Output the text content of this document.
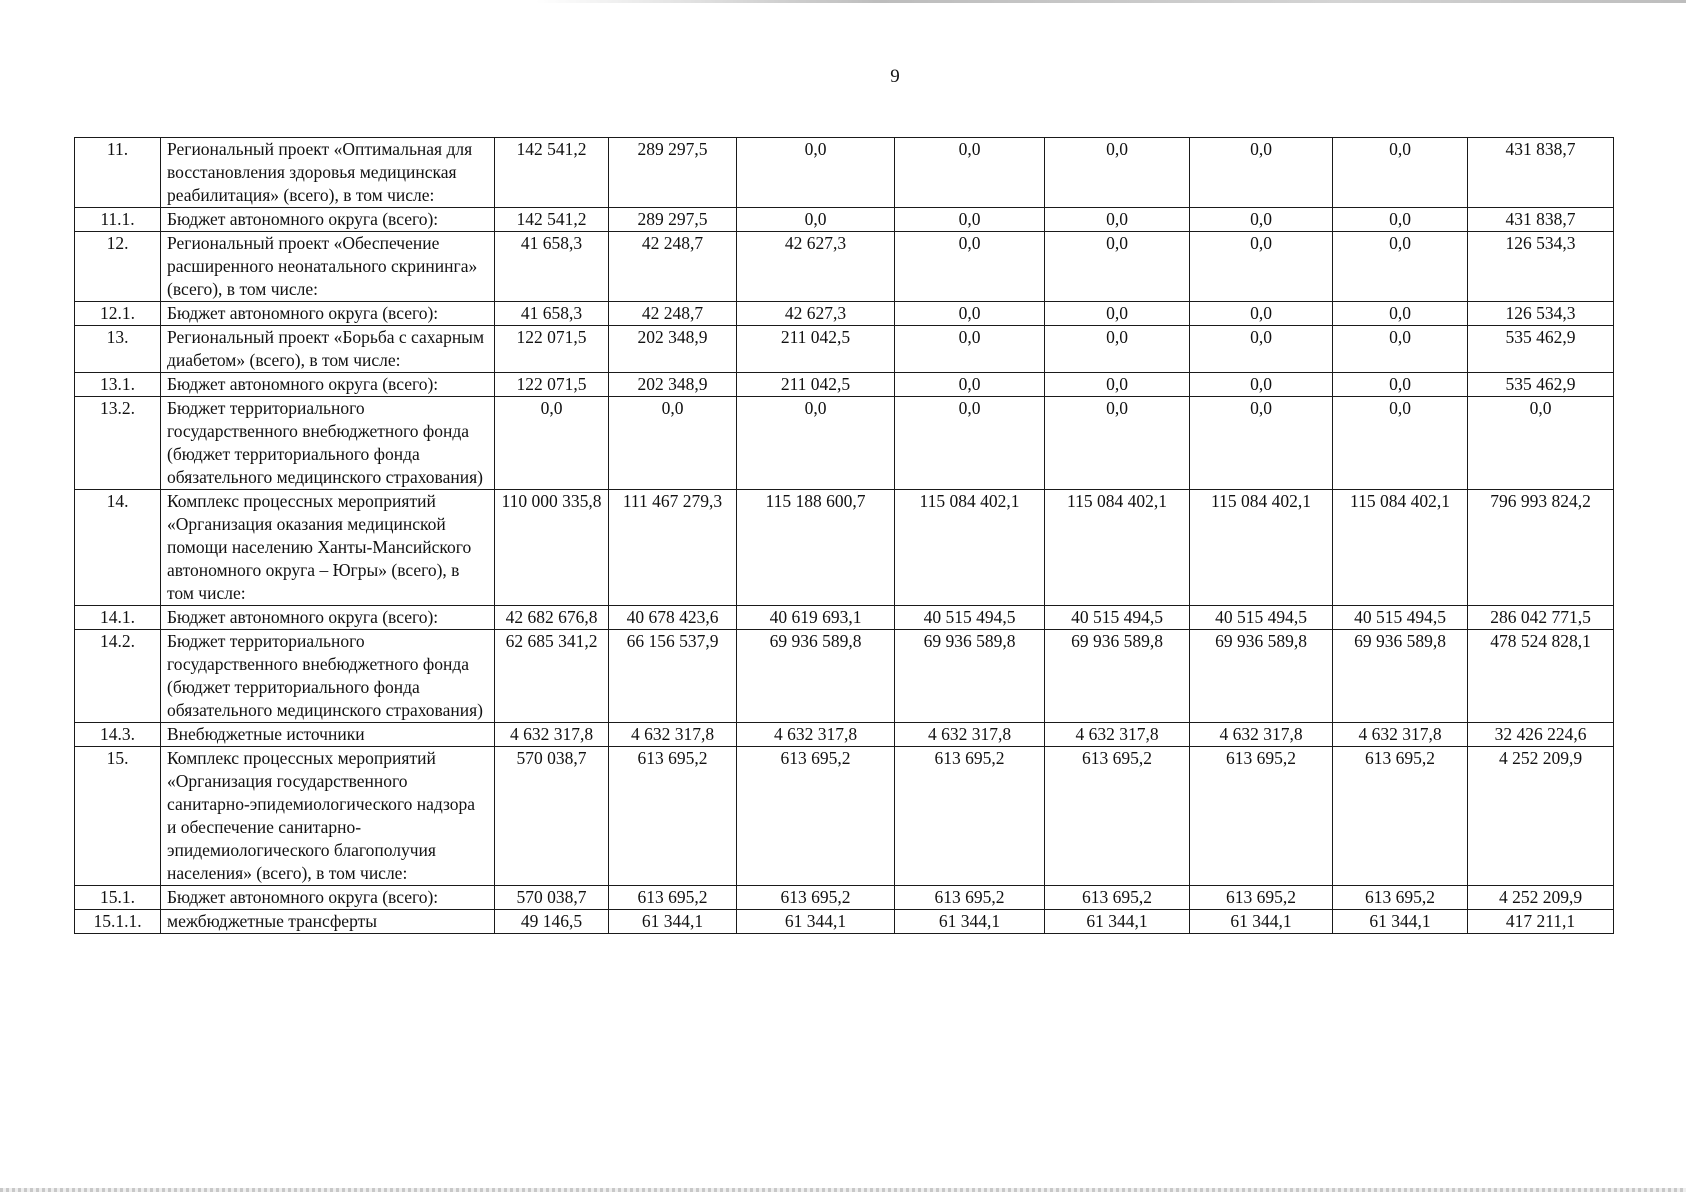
9
11.	Региональный проект «Оптимальная для восстановления здоровья медицинская реабилитация» (всего), в том числе:	142 541,2	289 297,5	0,0	0,0	0,0	0,0	0,0	431 838,7
11.1.	Бюджет автономного округа (всего):	142 541,2	289 297,5	0,0	0,0	0,0	0,0	0,0	431 838,7
12.	Региональный проект «Обеспечение расширенного неонатального скрининга» (всего), в том числе:	41 658,3	42 248,7	42 627,3	0,0	0,0	0,0	0,0	126 534,3
12.1.	Бюджет автономного округа (всего):	41 658,3	42 248,7	42 627,3	0,0	0,0	0,0	0,0	126 534,3
13.	Региональный проект «Борьба с сахарным диабетом» (всего), в том числе:	122 071,5	202 348,9	211 042,5	0,0	0,0	0,0	0,0	535 462,9
13.1.	Бюджет автономного округа (всего):	122 071,5	202 348,9	211 042,5	0,0	0,0	0,0	0,0	535 462,9
13.2.	Бюджет территориального государственного внебюджетного фонда (бюджет территориального фонда обязательного медицинского страхования)	0,0	0,0	0,0	0,0	0,0	0,0	0,0	0,0
14.	Комплекс процессных мероприятий «Организация оказания медицинской помощи населению Ханты-Мансийского автономного округа – Югры» (всего), в том числе:	110 000 335,8	111 467 279,3	115 188 600,7	115 084 402,1	115 084 402,1	115 084 402,1	115 084 402,1	796 993 824,2
14.1.	Бюджет автономного округа (всего):	42 682 676,8	40 678 423,6	40 619 693,1	40 515 494,5	40 515 494,5	40 515 494,5	40 515 494,5	286 042 771,5
14.2.	Бюджет территориального государственного внебюджетного фонда (бюджет территориального фонда обязательного медицинского страхования)	62 685 341,2	66 156 537,9	69 936 589,8	69 936 589,8	69 936 589,8	69 936 589,8	69 936 589,8	478 524 828,1
14.3.	Внебюджетные источники	4 632 317,8	4 632 317,8	4 632 317,8	4 632 317,8	4 632 317,8	4 632 317,8	4 632 317,8	32 426 224,6
15.	Комплекс процессных мероприятий «Организация государственного санитарно-эпидемиологического надзора и обеспечение санитарно-эпидемиологического благополучия населения» (всего), в том числе:	570 038,7	613 695,2	613 695,2	613 695,2	613 695,2	613 695,2	613 695,2	4 252 209,9
15.1.	Бюджет автономного округа (всего):	570 038,7	613 695,2	613 695,2	613 695,2	613 695,2	613 695,2	613 695,2	4 252 209,9
15.1.1.	межбюджетные трансферты	49 146,5	61 344,1	61 344,1	61 344,1	61 344,1	61 344,1	61 344,1	417 211,1
